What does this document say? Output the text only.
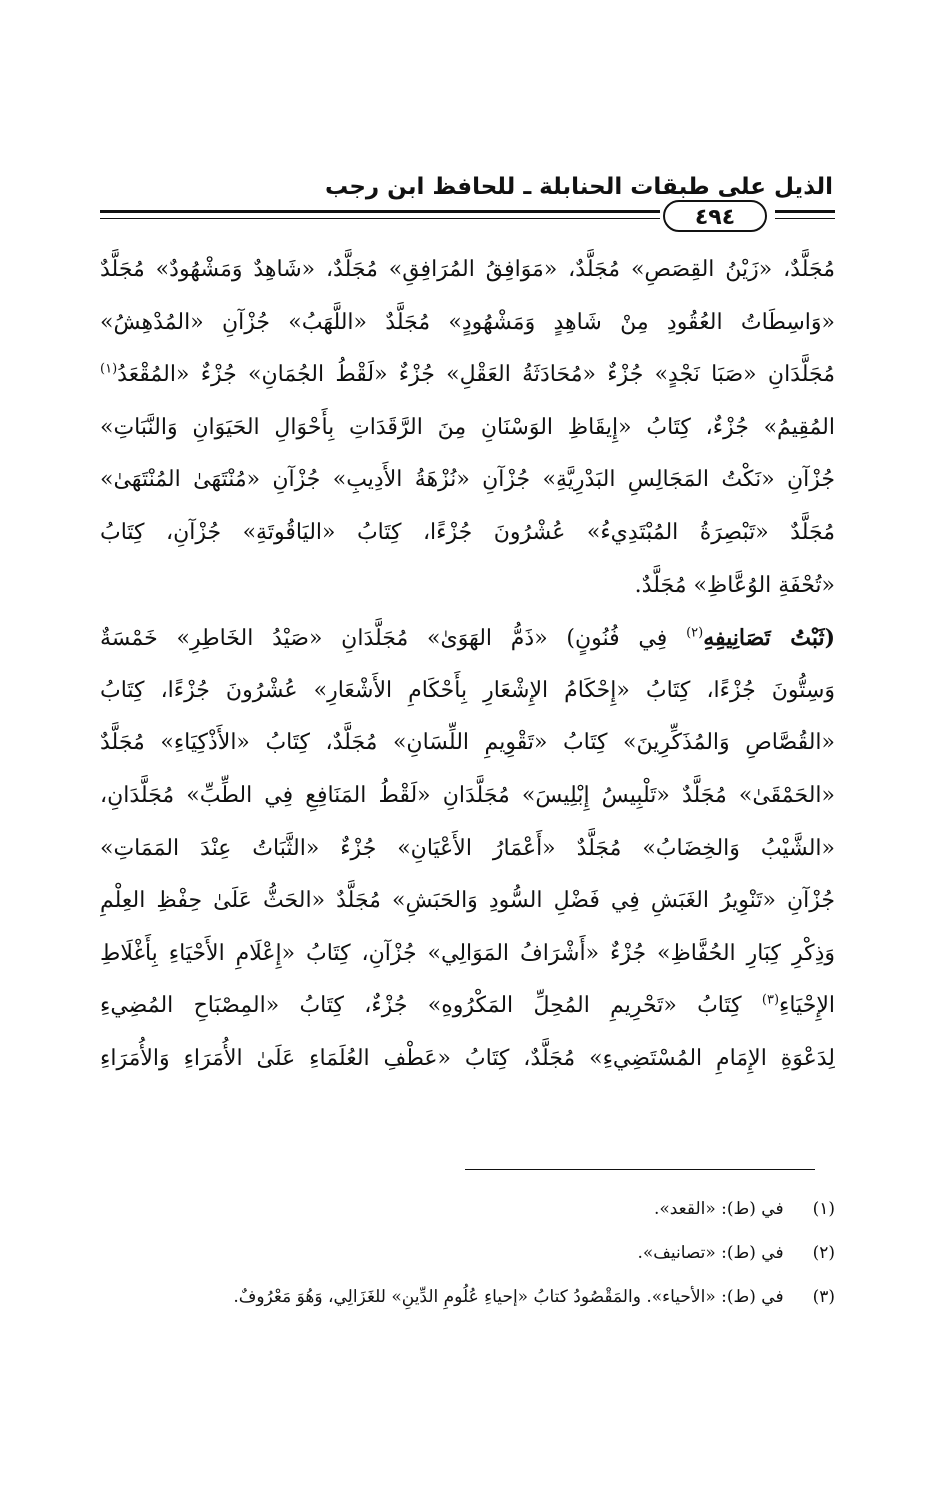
الذيل على طبقات الحنابلة ـ للحافظ ابن رجب
٤٩٤
مُجَلَّدٌ، «زَيْنُ القِصَصِ» مُجَلَّدٌ، «مَوَافِقُ المُرَافِقِ» مُجَلَّدٌ، «شَاهِدٌ وَمَشْهُودٌ» مُجَلَّدٌ
«وَاسِطَاتُ العُقُودِ مِنْ شَاهِدٍ وَمَشْهُودٍ» مُجَلَّدٌ «اللَّهَبُ» جُزْآنِ «المُدْهِشُ»
مُجَلَّدَانِ «صَبَا نَجْدٍ» جُزْءٌ «مُحَادَثَةُ العَقْلِ» جُزْءٌ «لَقْطُ الجُمَانِ» جُزْءٌ «المُقْعَدُ$^{(١)}$
المُقِيمُ» جُزْءٌ، كِتَابُ «إِيقَاظِ الوَسْنَانِ مِنَ الرَّقَدَاتِ بِأَحْوَالِ الحَيَوَانِ وَالنَّبَاتِ»
جُزْآنِ «نَكْتُ المَجَالِسِ البَدْرِيَّةِ» جُزْآنِ «نُزْهَةُ الأَدِيبِ» جُزْآنِ «مُنْتَهَىٰ المُنْتَهَىٰ»
مُجَلَّدٌ «تَبْصِرَةُ المُبْتَدِيءُ» عُشْرُونَ جُزْءًا، كِتَابُ «اليَاقُوتَةِ» جُزْآنِ، كِتَابُ
«تُحْفَةِ الوُعَّاظِ» مُجَلَّدٌ.
(ثَبْتُ تَصَانِيفِهِ$^{(٢)}$ فِي فُنُونٍ) «ذَمُّ الهَوَىٰ» مُجَلَّدَانِ «صَيْدُ الخَاطِرِ» خَمْسَةٌ
وَسِتُّونَ جُزْءًا، كِتَابُ «إِحْكَامُ الإِشْعَارِ بِأَحْكَامِ الأَشْعَارِ» عُشْرُونَ جُزْءًا، كِتَابُ
«القُصَّاصِ وَالمُذَكِّرِينَ» كِتَابُ «تَقْوِيمِ اللِّسَانِ» مُجَلَّدٌ، كِتَابُ «الأَذْكِيَاءِ» مُجَلَّدٌ
«الحَمْقَىٰ» مُجَلَّدٌ «تَلْبِيسُ إِبْلِيسَ» مُجَلَّدَانِ «لَقْطُ المَنَافِعِ فِي الطِّبِّ» مُجَلَّدَانِ،
«الشَّيْبُ وَالخِضَابُ» مُجَلَّدٌ «أَعْمَارُ الأَعْيَانِ» جُزْءٌ «الثَّبَاتُ عِنْدَ المَمَاتِ»
جُزْآنِ «تَنْوِيرُ الغَبَشِ فِي فَضْلِ السُّودِ وَالحَبَشِ» مُجَلَّدٌ «الحَثُّ عَلَىٰ حِفْظِ العِلْمِ
وَذِكْرِ كِبَارِ الحُفَّاظِ» جُزْءٌ «أَشْرَافُ المَوَالِي» جُزْآنِ، كِتَابُ «إِعْلَامِ الأَحْيَاءِ بِأَغْلَاطِ
الإِحْيَاءِ$^{(٣)}$ كِتَابُ «تَحْرِيمِ المُحِلِّ المَكْرُوهِ» جُزْءٌ، كِتَابُ «المِصْبَاحِ المُضِيءِ
لِدَعْوَةِ الإِمَامِ المُسْتَضِيءِ» مُجَلَّدٌ، كِتَابُ «عَطْفِ العُلَمَاءِ عَلَىٰ الأُمَرَاءِ وَالأُمَرَاءِ
(١) في (ط): «القعد».
(٢) في (ط): «تصانيف».
(٣) في (ط): «الأحياء». والمَقْصُودُ كتابُ «إحياءِ عُلُومِ الدِّينِ» للغَزَالِي، وَهُوَ مَعْرُوفٌ.
